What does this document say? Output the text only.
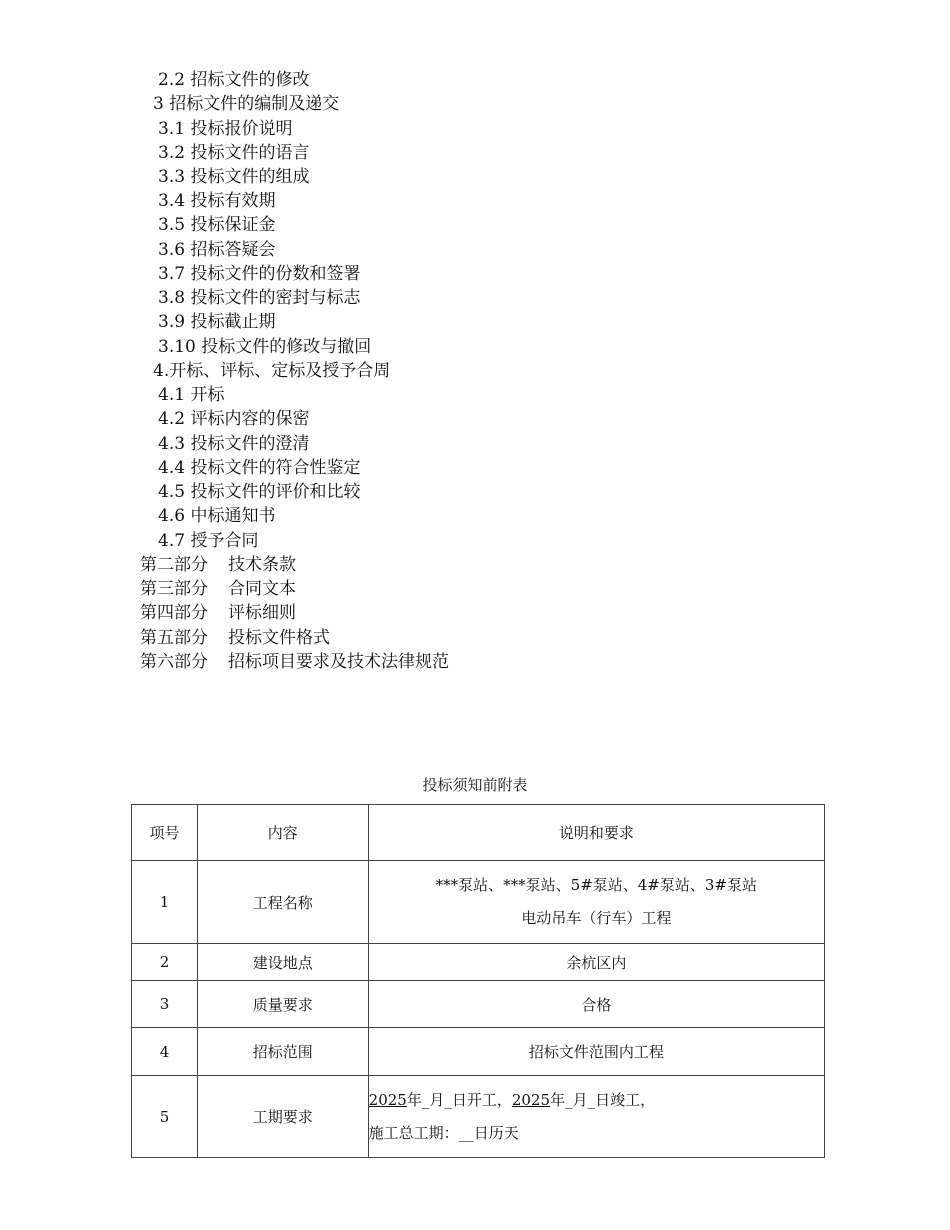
2.2 招标文件的修改
3 招标文件的编制及递交
3.1 投标报价说明
3.2 投标文件的语言
3.3 投标文件的组成
3.4 投标有效期
3.5 投标保证金
3.6 招标答疑会
3.7 投标文件的份数和签署
3.8 投标文件的密封与标志
3.9 投标截止期
3.10 投标文件的修改与撤回
4.开标、评标、定标及授予合周
4.1 开标
4.2 评标内容的保密
4.3 投标文件的澄清
4.4 投标文件的符合性鉴定
4.5 投标文件的评价和比较
4.6 中标通知书
4.7 授予合同
第二部分 技术条款
第三部分 合同文本
第四部分 评标细则
第五部分 投标文件格式
第六部分 招标项目要求及技术法律规范
投标须知前附表
项号	内容	说明和要求
1	工程名称	***泵站、***泵站、5#泵站、4#泵站、3#泵站
电动吊车（行车）工程

2	建设地点	余杭区内
3	质量要求	合格
4	招标范围	招标文件范围内工程
5	工期要求	2025年_月_日开工，2025年_月_日竣工，
施工总工期：__日历天
